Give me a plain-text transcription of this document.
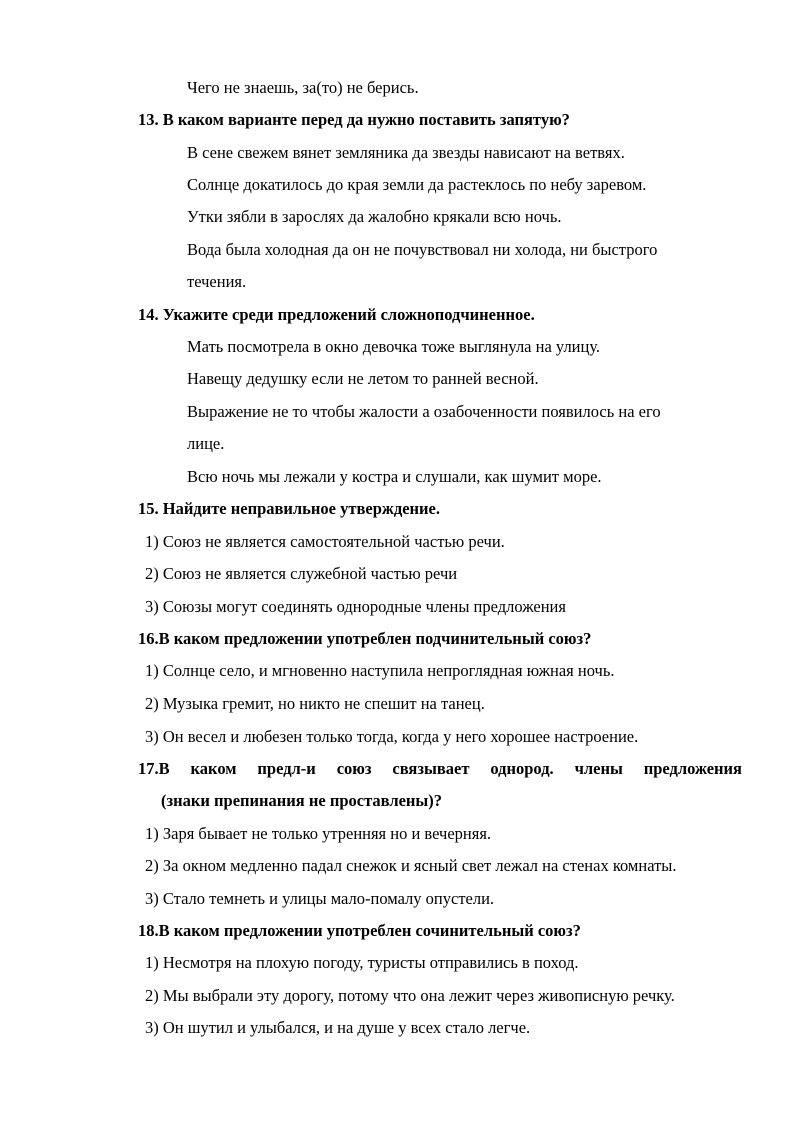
Чего не знаешь, за(то) не берись.
13. В каком варианте перед да нужно поставить запятую?
В сене свежем вянет земляника да звезды нависают на ветвях.
Солнце докатилось до края земли да растеклось по небу заревом.
Утки зябли в зарослях да жалобно крякали всю ночь.
Вода была холодная да он не почувствовал ни холода, ни быстрого
течения.
14. Укажите среди предложений сложноподчиненное.
Мать посмотрела в окно девочка тоже выглянула на улицу.
Навещу дедушку если не летом то ранней весной.
Выражение не то чтобы жалости а озабоченности появилось на его
лице.
Всю ночь мы лежали у костра и слушали, как шумит море.
15. Найдите неправильное утверждение.
1) Союз не является самостоятельной частью речи.
2) Союз не является служебной частью речи
3) Союзы могут соединять однородные члены предложения
16.В каком предложении употреблен подчинительный союз?
1) Солнце село, и мгновенно наступила непроглядная южная ночь.
2) Музыка гремит, но никто не спешит на танец.
3) Он весел и любезен только тогда, когда у него хорошее настроение.
17.В каком предл-и союз связывает однород. члены предложения
(знаки препинания не проставлены)?
1) Заря бывает не только утренняя но и вечерняя.
2) За окном медленно падал снежок и ясный свет лежал на стенах комнаты.
3) Стало темнеть и улицы мало-помалу опустели.
18.В каком предложении употреблен сочинительный союз?
1) Несмотря на плохую погоду, туристы отправились в поход.
2) Мы выбрали эту дорогу, потому что она лежит через живописную речку.
3) Он шутил и улыбался, и на душе у всех стало легче.
